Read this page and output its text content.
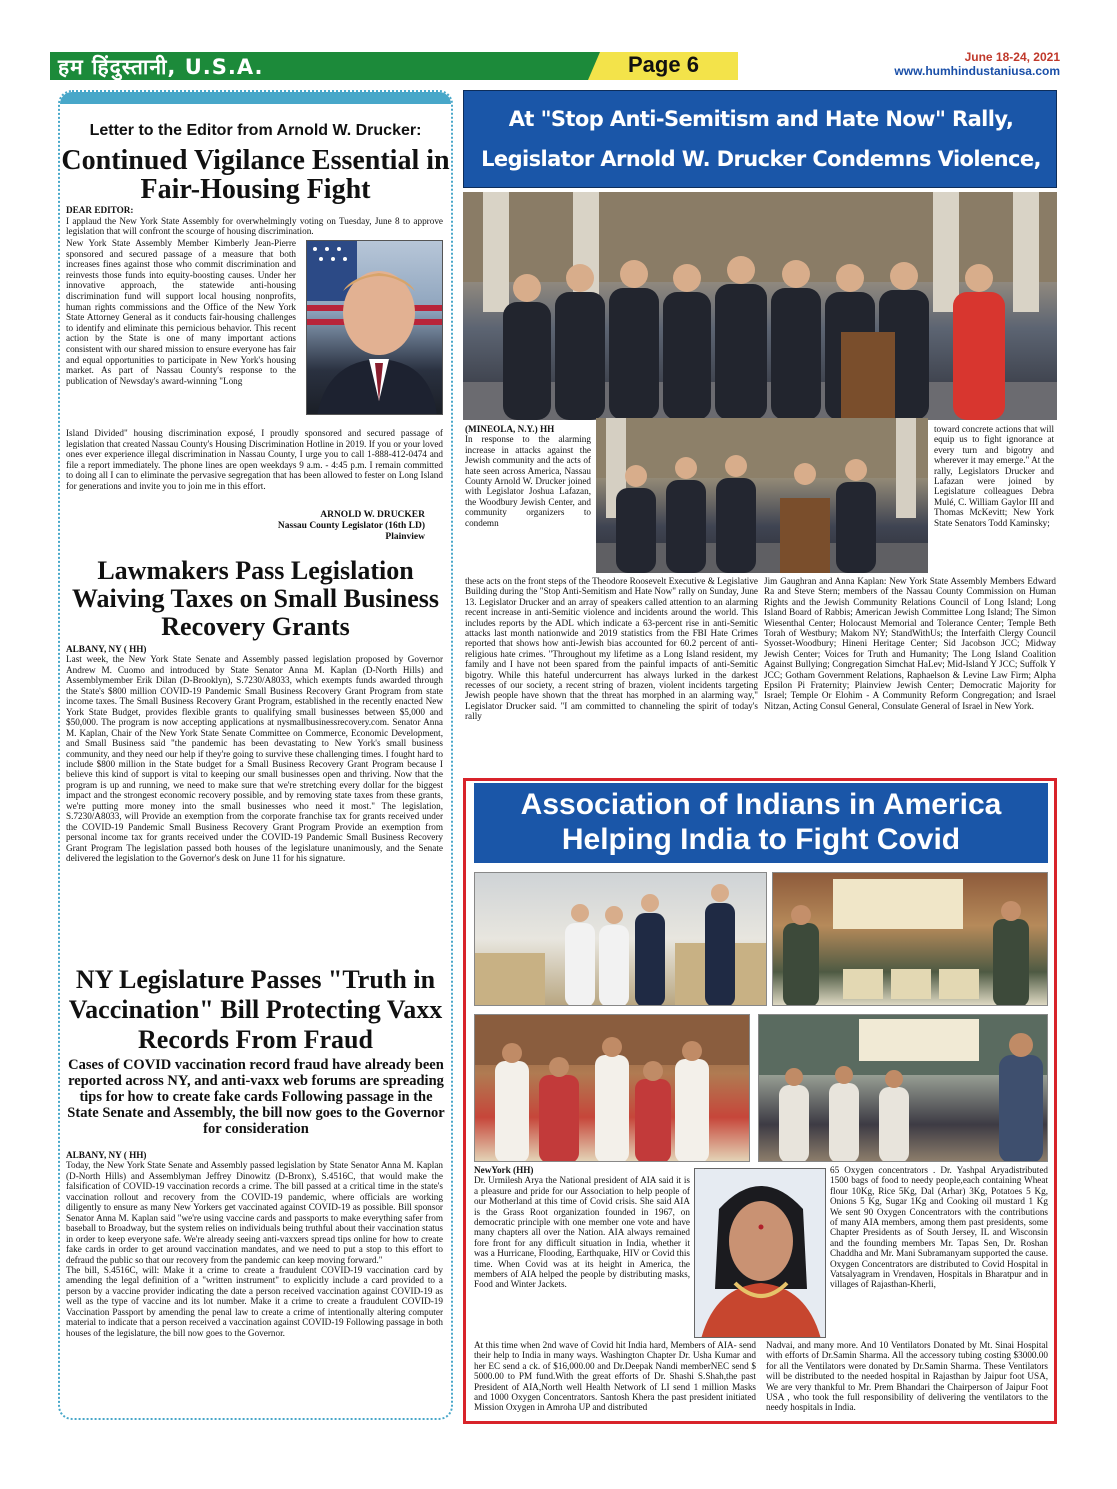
हम हिंदुस्तानी, U.S.A.	Page 6	June 18-24, 2021
www.humhindustaniusa.com
Letter to the Editor from Arnold W. Drucker:
Continued Vigilance Essential in Fair-Housing Fight
DEAR EDITOR:
I applaud the New York State Assembly for overwhelmingly voting on Tuesday, June 8 to approve legislation that will confront the scourge of housing discrimination.
New York State Assembly Member Kimberly Jean-Pierre sponsored and secured passage of a measure that both increases fines against those who commit discrimination and reinvests those funds into equity-boosting causes. Under her innovative approach, the statewide anti-housing discrimination fund will support local housing nonprofits, human rights commissions and the Office of the New York State Attorney General as it conducts fair-housing challenges to identify and eliminate this pernicious behavior. This recent action by the State is one of many important actions consistent with our shared mission to ensure everyone has fair and equal opportunities to participate in New York's housing market. As part of Nassau County's response to the publication of Newsday's award-winning "Long
Island Divided" housing discrimination exposé, I proudly sponsored and secured passage of legislation that created Nassau County's Housing Discrimination Hotline in 2019. If you or your loved ones ever experience illegal discrimination in Nassau County, I urge you to call 1-888-412-0474 and file a report immediately. The phone lines are open weekdays 9 a.m. - 4:45 p.m. I remain committed to doing all I can to eliminate the pervasive segregation that has been allowed to fester on Long Island for generations and invite you to join me in this effort.
ARNOLD W. DRUCKER
Nassau County Legislator (16th LD)
Plainview
Lawmakers Pass Legislation Waiving Taxes on Small Business Recovery Grants
ALBANY, NY ( HH)
Last week, the New York State Senate and Assembly passed legislation proposed by Governor Andrew M. Cuomo and introduced by State Senator Anna M. Kaplan (D-North Hills) and Assemblymember Erik Dilan (D-Brooklyn), S.7230/A8033, which exempts funds awarded through the State's $800 million COVID-19 Pandemic Small Business Recovery Grant Program from state income taxes. The Small Business Recovery Grant Program, established in the recently enacted New York State Budget, provides flexible grants to qualifying small businesses between $5,000 and $50,000. The program is now accepting applications at nysmallbusinessrecovery.com. Senator Anna M. Kaplan, Chair of the New York State Senate Committee on Commerce, Economic Development, and Small Business said "the pandemic has been devastating to New York's small business community, and they need our help if they're going to survive these challenging times. I fought hard to include $800 million in the State budget for a Small Business Recovery Grant Program because I believe this kind of support is vital to keeping our small businesses open and thriving. Now that the program is up and running, we need to make sure that we're stretching every dollar for the biggest impact and the strongest economic recovery possible, and by removing state taxes from these grants, we're putting more money into the small businesses who need it most." The legislation, S.7230/A8033, will Provide an exemption from the corporate franchise tax for grants received under the COVID-19 Pandemic Small Business Recovery Grant Program Provide an exemption from personal income tax for grants received under the COVID-19 Pandemic Small Business Recovery Grant Program The legislation passed both houses of the legislature unanimously, and the Senate delivered the legislation to the Governor's desk on June 11 for his signature.
NY Legislature Passes "Truth in Vaccination" Bill Protecting Vaxx Records From Fraud
Cases of COVID vaccination record fraud have already been reported across NY, and anti-vaxx web forums are spreading tips for how to create fake cards Following passage in the State Senate and Assembly, the bill now goes to the Governor for consideration
ALBANY, NY ( HH)
Today, the New York State Senate and Assembly passed legislation by State Senator Anna M. Kaplan (D-North Hills) and Assemblyman Jeffrey Dinowitz (D-Bronx), S.4516C, that would make the falsification of COVID-19 vaccination records a crime. The bill passed at a critical time in the state's vaccination rollout and recovery from the COVID-19 pandemic, where officials are working diligently to ensure as many New Yorkers get vaccinated against COVID-19 as possible. Bill sponsor Senator Anna M. Kaplan said "we're using vaccine cards and passports to make everything safer from baseball to Broadway, but the system relies on individuals being truthful about their vaccination status in order to keep everyone safe. We're already seeing anti-vaxxers spread tips online for how to create fake cards in order to get around vaccination mandates, and we need to put a stop to this effort to defraud the public so that our recovery from the pandemic can keep moving forward."
The bill, S.4516C, will: Make it a crime to create a fraudulent COVID-19 vaccination card by amending the legal definition of a "written instrument" to explicitly include a card provided to a person by a vaccine provider indicating the date a person received vaccination against COVID-19 as well as the type of vaccine and its lot number. Make it a crime to create a fraudulent COVID-19 Vaccination Passport by amending the penal law to create a crime of intentionally altering computer material to indicate that a person received a vaccination against COVID-19 Following passage in both houses of the legislature, the bill now goes to the Governor.
At "Stop Anti-Semitism and Hate Now" Rally, Legislator Arnold W. Drucker Condemns Violence,
(MINEOLA, N.Y.) HH
In response to the alarming increase in attacks against the Jewish community and the acts of hate seen across America, Nassau County Arnold W. Drucker joined with Legislator Joshua Lafazan, the Woodbury Jewish Center, and community organizers to condemn
toward concrete actions that will equip us to fight ignorance at every turn and bigotry and wherever it may emerge." At the rally, Legislators Drucker and Lafazan were joined by Legislature colleagues Debra Mulé, C. William Gaylor III and Thomas McKevitt; New York State Senators Todd Kaminsky;
these acts on the front steps of the Theodore Roosevelt Executive & Legislative Building during the "Stop Anti-Semitism and Hate Now" rally on Sunday, June 13. Legislator Drucker and an array of speakers called attention to an alarming recent increase in anti-Semitic violence and incidents around the world. This includes reports by the ADL which indicate a 63-percent rise in anti-Semitic attacks last month nationwide and 2019 statistics from the FBI Hate Crimes reported that shows how anti-Jewish bias accounted for 60.2 percent of anti-religious hate crimes. "Throughout my lifetime as a Long Island resident, my family and I have not been spared from the painful impacts of anti-Semitic bigotry. While this hateful undercurrent has always lurked in the darkest recesses of our society, a recent string of brazen, violent incidents targeting Jewish people have shown that the threat has morphed in an alarming way," Legislator Drucker said. "I am committed to channeling the spirit of today's rally
Jim Gaughran and Anna Kaplan: New York State Assembly Members Edward Ra and Steve Stern; members of the Nassau County Commission on Human Rights and the Jewish Community Relations Council of Long Island; Long Island Board of Rabbis; American Jewish Committee Long Island; The Simon Wiesenthal Center; Holocaust Memorial and Tolerance Center; Temple Beth Torah of Westbury; Makom NY; StandWithUs; the Interfaith Clergy Council Syosset-Woodbury; Hineni Heritage Center; Sid Jacobson JCC; Midway Jewish Center; Voices for Truth and Humanity; The Long Island Coalition Against Bullying; Congregation Simchat HaLev; Mid-Island Y JCC; Suffolk Y JCC; Gotham Government Relations, Raphaelson & Levine Law Firm; Alpha Epsilon Pi Fraternity; Plainview Jewish Center; Democratic Majority for Israel; Temple Or Elohim - A Community Reform Congregation; and Israel Nitzan, Acting Consul General, Consulate General of Israel in New York.
Association of Indians in America Helping India to Fight Covid
NewYork (HH)
Dr. Urmilesh Arya the National president of AIA said it is a pleasure and pride for our Association to help people of our Motherland at this time of Covid crisis. She said AIA is the Grass Root organization founded in 1967, on democratic principle with one member one vote and have many chapters all over the Nation. AIA always remained fore front for any difficult situation in India, whether it was a Hurricane, Flooding, Earthquake, HIV or Covid this time. When Covid was at its height in America, the members of AIA helped the people by distributing masks, Food and Winter Jackets.
65 Oxygen concentrators . Dr. Yashpal Aryadistributed 1500 bags of food to needy people,each containing Wheat flour 10Kg, Rice 5Kg, Dal (Arhar) 3Kg, Potatoes 5 Kg, Onions 5 Kg, Sugar 1Kg and Cooking oil mustard 1 Kg We sent 90 Oxygen Concentrators with the contributions of many AIA members, among them past presidents, some Chapter Presidents as of South Jersey, IL and Wisconsin and the founding members Mr. Tapas Sen, Dr. Roshan Chaddha and Mr. Mani Subramanyam supported the cause. Oxygen Concentrators are distributed to Covid Hospital in Vatsalyagram in Vrendaven, Hospitals in Bharatpur and in villages of Rajasthan-Kherli,
At this time when 2nd wave of Covid hit India hard, Members of AIA- send their help to India in many ways. Washington Chapter Dr. Usha Kumar and her EC send a ck. of $16,000.00 and Dr.Deepak Nandi memberNEC send $ 5000.00 to PM fund.With the great efforts of Dr. Shashi S.Shah,the past President of AIA,North well Health Network of LI send 1 million Masks and 1000 Oxygen Concentrators. Santosh Khera the past president initiated Mission Oxygen in Amroha UP and distributed
Nadvai, and many more. And 10 Ventilators Donated by Mt. Sinai Hospital with efforts of Dr.Samin Sharma. All the accessory tubing costing $3000.00 for all the Ventilators were donated by Dr.Samin Sharma. These Ventilators will be distributed to the needed hospital in Rajasthan by Jaipur foot USA, We are very thankful to Mr. Prem Bhandari the Chairperson of Jaipur Foot USA , who took the full responsibility of delivering the ventilators to the needy hospitals in India.
